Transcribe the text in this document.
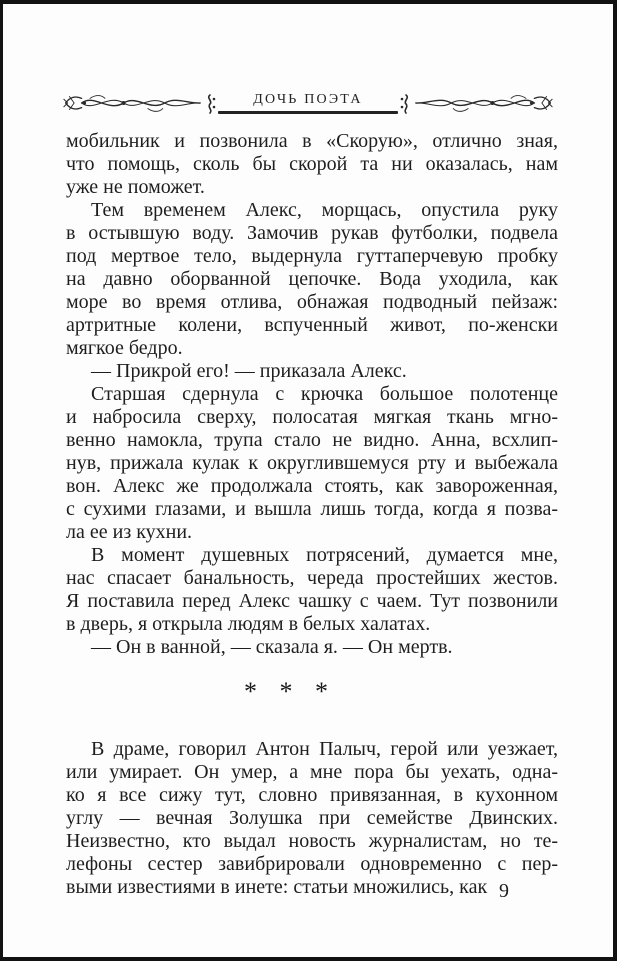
ДОЧЬ ПОЭТА
мобильник и позвонила в «Скорую», отлично зная,
что помощь, сколь бы скорой та ни оказалась, нам
уже не поможет.
Тем временем Алекс, морщась, опустила руку
в остывшую воду. Замочив рукав футболки, подвела
под мертвое тело, выдернула гуттаперчевую пробку
на давно оборванной цепочке. Вода уходила, как
море во время отлива, обнажая подводный пейзаж:
артритные колени, вспученный живот, по-женски
мягкое бедро.
— Прикрой его! — приказала Алекс.
Старшая сдернула с крючка большое полотенце
и набросила сверху, полосатая мягкая ткань мгно-
венно намокла, трупа стало не видно. Анна, всхлип-
нув, прижала кулак к округлившемуся рту и выбежала
вон. Алекс же продолжала стоять, как завороженная,
с сухими глазами, и вышла лишь тогда, когда я позва-
ла ее из кухни.
В момент душевных потрясений, думается мне,
нас спасает банальность, череда простейших жестов.
Я поставила перед Алекс чашку с чаем. Тут позвонили
в дверь, я открыла людям в белых халатах.
— Он в ванной, — сказала я. — Он мертв.
* * *
В драме, говорил Антон Палыч, герой или уезжает,
или умирает. Он умер, а мне пора бы уехать, одна-
ко я все сижу тут, словно привязанная, в кухонном
углу — вечная Золушка при семействе Двинских.
Неизвестно, кто выдал новость журналистам, но те-
лефоны сестер завибрировали одновременно с пер-
выми известиями в инете: статьи множились, как 9
